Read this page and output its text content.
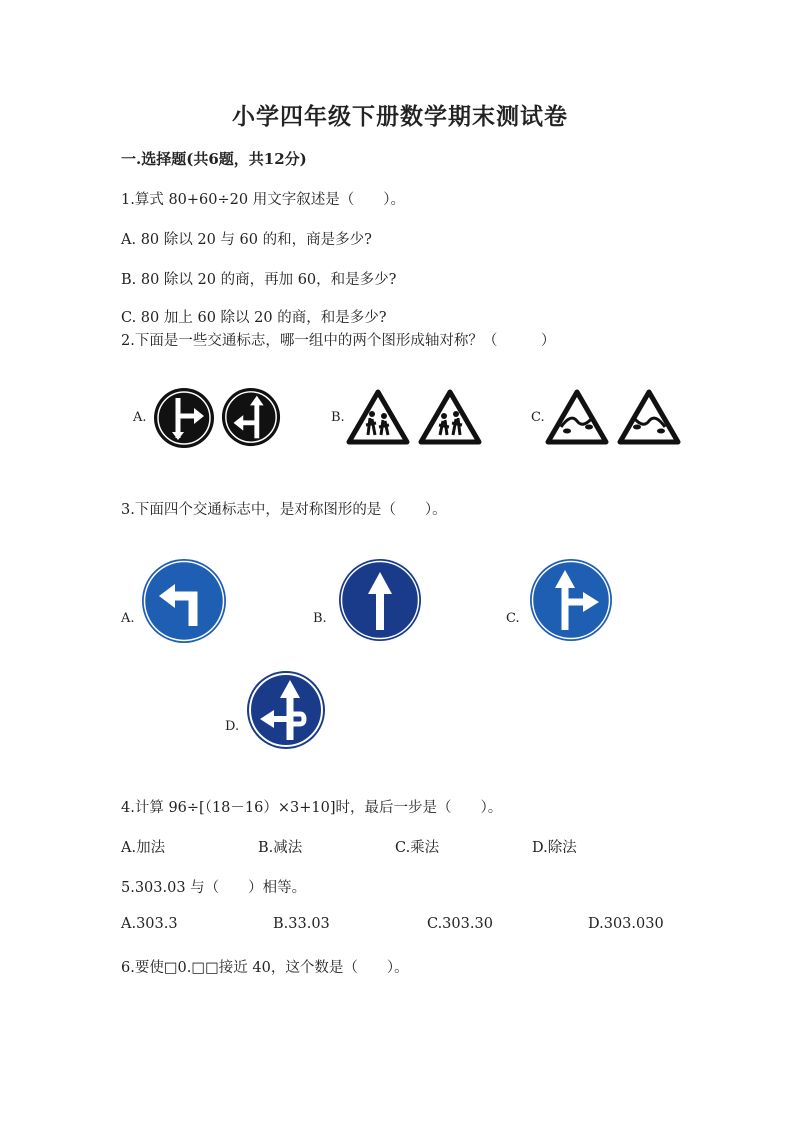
小学四年级下册数学期末测试卷
一.选择题(共6题，共12分)
1.算式 80+60÷20 用文字叙述是（　　）。
A. 80 除以 20 与 60 的和，商是多少?
B. 80 除以 20 的商，再加 60，和是多少?
C. 80 加上 60 除以 20 的商，和是多少?
2.下面是一些交通标志，哪一组中的两个图形成轴对称？（　　　）
A.	B.	C.
3.下面四个交通标志中，是对称图形的是（　　）。
A.	B.	C.
D.
4.计算 96÷[（18－16）×3+10]时，最后一步是（　　）。
A.加法	B.减法	C.乘法	D.除法
5.303.03 与（　　）相等。
A.303.3	B.33.03	C.303.30	D.303.030
6.要使□0.□□接近 40，这个数是（　　）。
